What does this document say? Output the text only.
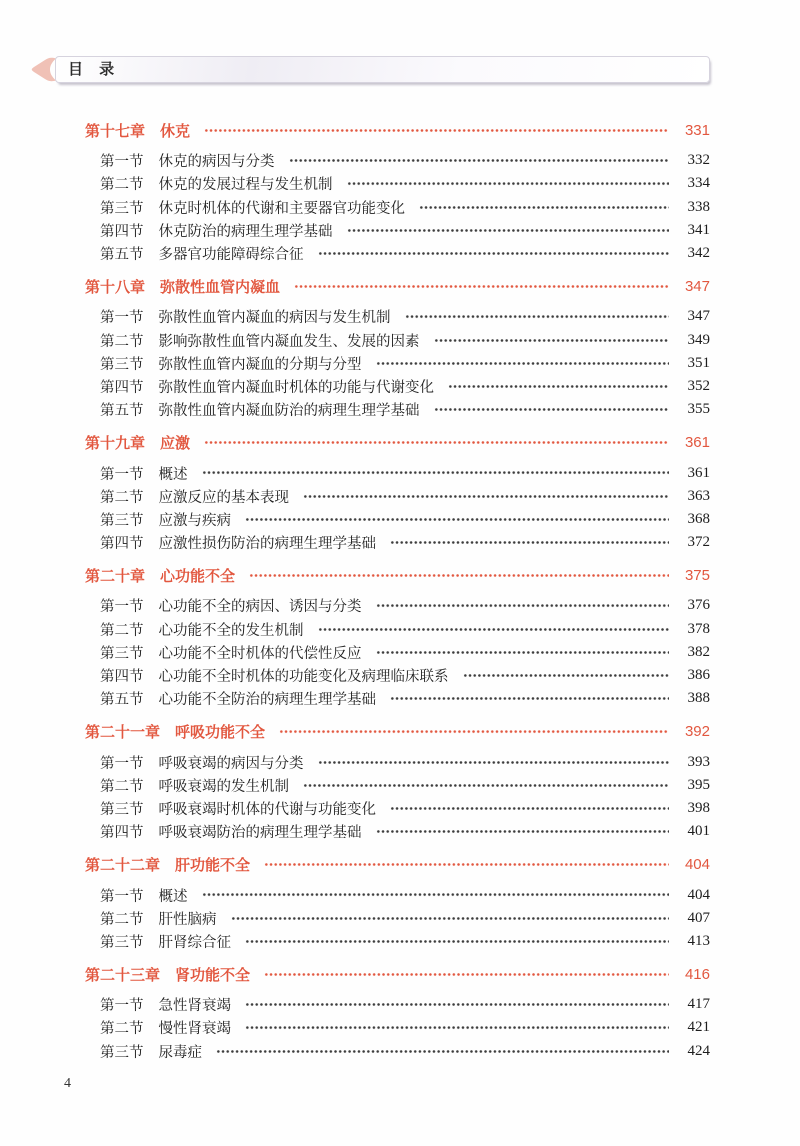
目 录
第十七章 休克	331
第一节 休克的病因与分类	332
第二节 休克的发展过程与发生机制	334
第三节 休克时机体的代谢和主要器官功能变化	338
第四节 休克防治的病理生理学基础	341
第五节 多器官功能障碍综合征	342
第十八章 弥散性血管内凝血	347
第一节 弥散性血管内凝血的病因与发生机制	347
第二节 影响弥散性血管内凝血发生、发展的因素	349
第三节 弥散性血管内凝血的分期与分型	351
第四节 弥散性血管内凝血时机体的功能与代谢变化	352
第五节 弥散性血管内凝血防治的病理生理学基础	355
第十九章 应激	361
第一节 概述	361
第二节 应激反应的基本表现	363
第三节 应激与疾病	368
第四节 应激性损伤防治的病理生理学基础	372
第二十章 心功能不全	375
第一节 心功能不全的病因、诱因与分类	376
第二节 心功能不全的发生机制	378
第三节 心功能不全时机体的代偿性反应	382
第四节 心功能不全时机体的功能变化及病理临床联系	386
第五节 心功能不全防治的病理生理学基础	388
第二十一章 呼吸功能不全	392
第一节 呼吸衰竭的病因与分类	393
第二节 呼吸衰竭的发生机制	395
第三节 呼吸衰竭时机体的代谢与功能变化	398
第四节 呼吸衰竭防治的病理生理学基础	401
第二十二章 肝功能不全	404
第一节 概述	404
第二节 肝性脑病	407
第三节 肝肾综合征	413
第二十三章 肾功能不全	416
第一节 急性肾衰竭	417
第二节 慢性肾衰竭	421
第三节 尿毒症	424
4
